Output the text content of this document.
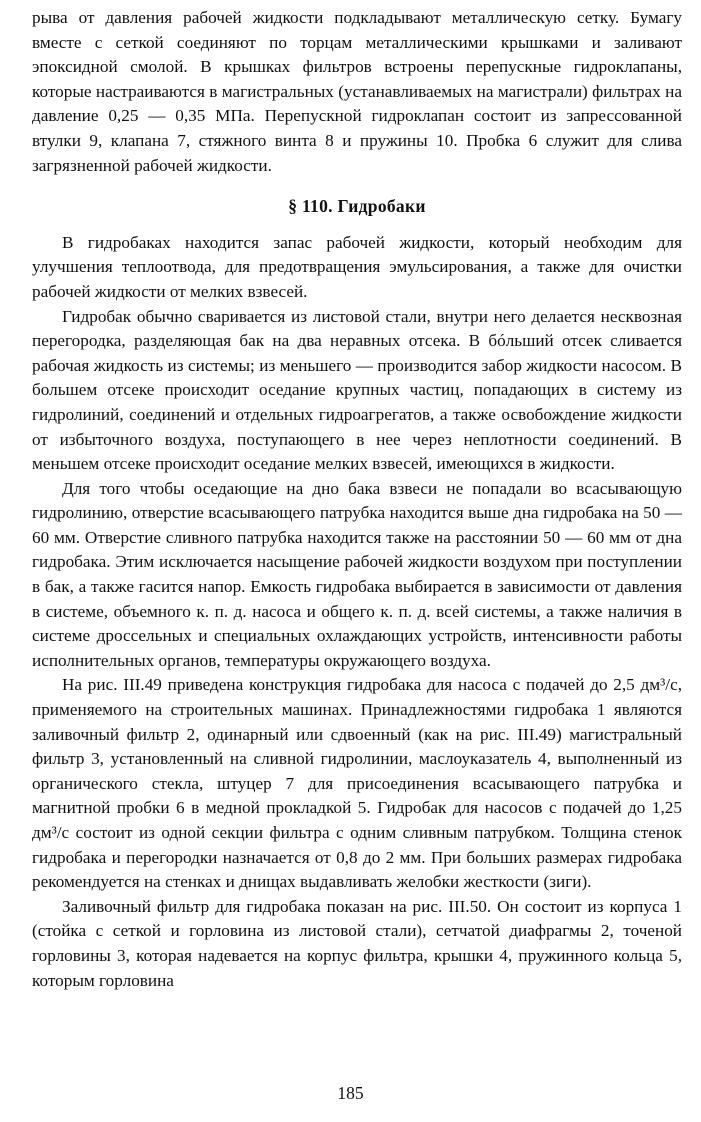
рыва от давления рабочей жидкости подкладывают металлическую сетку. Бумагу вместе с сеткой соединяют по торцам металлическими крышками и заливают эпоксидной смолой. В крышках фильтров встроены перепускные гидроклапаны, которые настраиваются в магистральных (устанавливаемых на магистрали) фильтрах на давление 0,25 — 0,35 МПа. Перепускной гидроклапан состоит из запрессованной втулки 9, клапана 7, стяжного винта 8 и пружины 10. Пробка 6 служит для слива загрязненной рабочей жидкости.

§ 110. Гидробаки

В гидробаках находится запас рабочей жидкости, который необходим для улучшения теплоотвода, для предотвращения эмульсирования, а также для очистки рабочей жидкости от мелких взвесей.

Гидробак обычно сваривается из листовой стали, внутри него делается несквозная перегородка, разделяющая бак на два неравных отсека. В бóльший отсек сливается рабочая жидкость из системы; из меньшего — производится забор жидкости насосом. В большем отсеке происходит оседание крупных частиц, попадающих в систему из гидролиний, соединений и отдельных гидроагрегатов, а также освобождение жидкости от избыточного воздуха, поступающего в нее через неплотности соединений. В меньшем отсеке происходит оседание мелких взвесей, имеющихся в жидкости.

Для того чтобы оседающие на дно бака взвеси не попадали во всасывающую гидролинию, отверстие всасывающего патрубка находится выше дна гидробака на 50 — 60 мм. Отверстие сливного патрубка находится также на расстоянии 50 — 60 мм от дна гидробака. Этим исключается насыщение рабочей жидкости воздухом при поступлении в бак, а также гасится напор. Емкость гидробака выбирается в зависимости от давления в системе, объемного к. п. д. насоса и общего к. п. д. всей системы, а также наличия в системе дроссельных и специальных охлаждающих устройств, интенсивности работы исполнительных органов, температуры окружающего воздуха.

На рис. III.49 приведена конструкция гидробака для насоса с подачей до 2,5 дм³/с, применяемого на строительных машинах. Принадлежностями гидробака 1 являются заливочный фильтр 2, одинарный или сдвоенный (как на рис. III.49) магистральный фильтр 3, установленный на сливной гидролинии, маслоуказатель 4, выполненный из органического стекла, штуцер 7 для присоединения всасывающего патрубка и магнитной пробки 6 в медной прокладкой 5. Гидробак для насосов с подачей до 1,25 дм³/с состоит из одной секции фильтра с одним сливным патрубком. Толщина стенок гидробака и перегородки назначается от 0,8 до 2 мм. При больших размерах гидробака рекомендуется на стенках и днищах выдавливать желобки жесткости (зиги).

Заливочный фильтр для гидробака показан на рис. III.50. Он состоит из корпуса 1 (стойка с сеткой и горловина из листовой стали), сетчатой диафрагмы 2, точеной горловины 3, которая надевается на корпус фильтра, крышки 4, пружинного кольца 5, которым горловина

185
